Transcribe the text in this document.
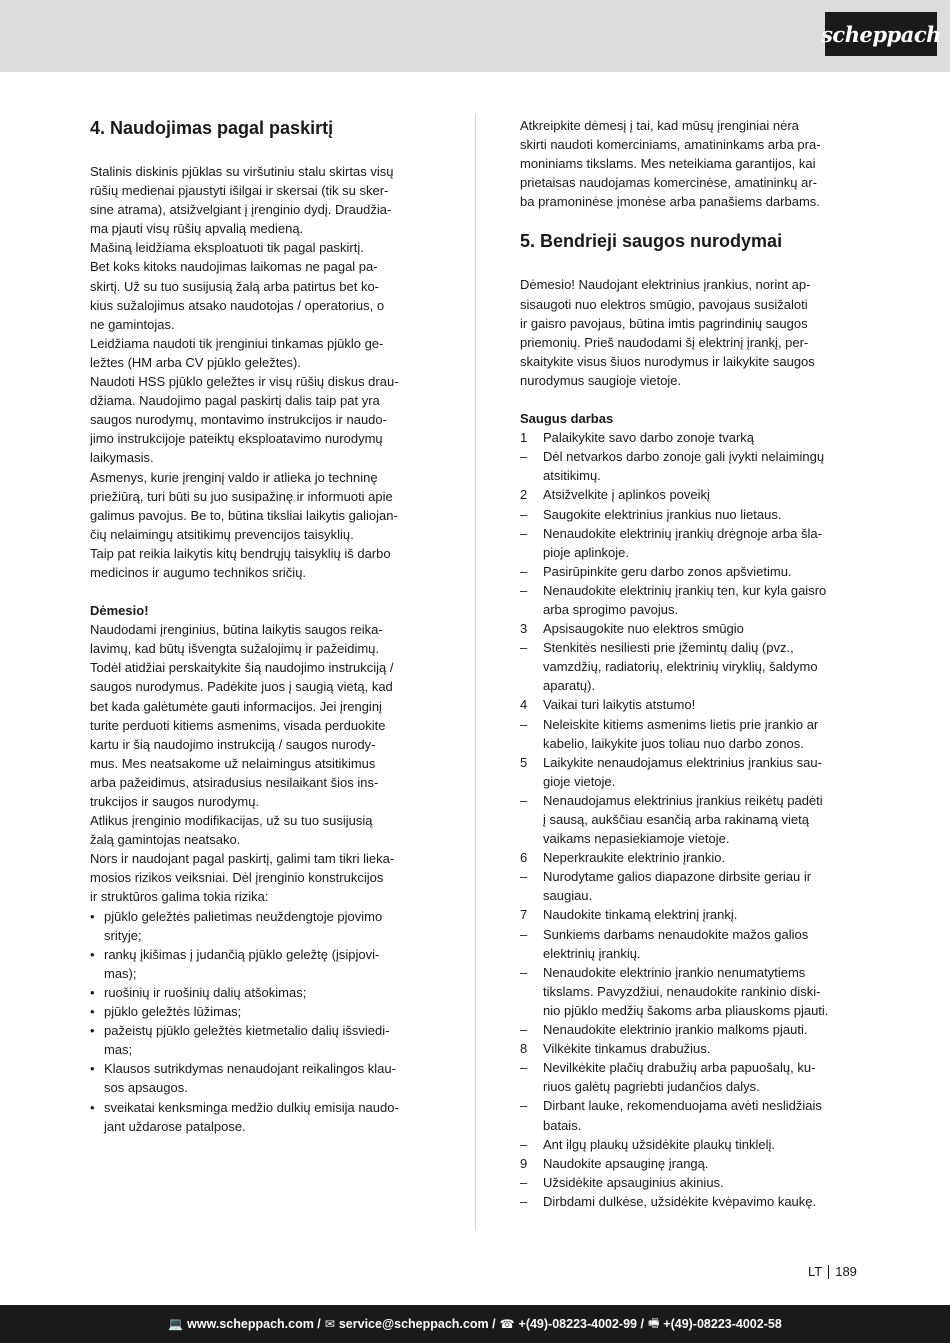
scheppach
4. Naudojimas pagal paskirtį
Stalinis diskinis pjūklas su viršutiniu stalu skirtas visų
rūšių medienai pjaustyti išilgai ir skersai (tik su sker-
sine atrama), atsižvelgiant į įrenginio dydį. Draudžia-
ma pjauti visų rūšių apvalią medieną.
Mašiną leidžiama eksploatuoti tik pagal paskirtį.
Bet koks kitoks naudojimas laikomas ne pagal pa-
skirtį. Už su tuo susijusią žalą arba patirtus bet ko-
kius sužalojimus atsako naudotojas / operatorius, o
ne gamintojas.
Leidžiama naudoti tik įrenginiui tinkamas pjūklo ge-
ležtes (HM arba CV pjūklo geležtes).
Naudoti HSS pjūklo geležtes ir visų rūšių diskus drau-
džiama. Naudojimo pagal paskirtį dalis taip pat yra
saugos nurodymų, montavimo instrukcijos ir naudo-
jimo instrukcijoje pateiktų eksploatavimo nurodymų
laikymasis.
Asmenys, kurie įrenginį valdo ir atlieka jo techninę
priežiūrą, turi būti su juo susipažinę ir informuoti apie
galimus pavojus. Be to, būtina tiksliai laikytis galiojan-
čių nelaimingų atsitikimų prevencijos taisyklių.
Taip pat reikia laikytis kitų bendrųjų taisyklių iš darbo
medicinos ir augumo technikos sričių.
Dėmesio!
Naudodami įrenginius, būtina laikytis saugos reika-
lavimų, kad būtų išvengta sužalojimų ir pažeidimų.
Todėl atidžiai perskaitykite šią naudojimo instrukciją /
saugos nurodymus. Padėkite juos į saugią vietą, kad
bet kada galėtumėte gauti informacijos. Jei įrenginį
turite perduoti kitiems asmenims, visada perduokite
kartu ir šią naudojimo instrukciją / saugos nurody-
mus. Mes neatsakome už nelaimingus atsitikimus
arba pažeidimus, atsiradusius nesilaikant šios ins-
trukcijos ir saugos nurodymų.
Atlikus įrenginio modifikacijas, už su tuo susijusią
žalą gamintojas neatsako.
Nors ir naudojant pagal paskirtį, galimi tam tikri lieka-
mosios rizikos veiksniai. Dėl įrenginio konstrukcijos
ir struktūros galima tokia rizika:
• pjūklo geležtės palietimas neuždengtoje pjovimo
srityje;
• rankų įkišimas į judančią pjūklo geležtę (įsipjovi-
mas);
• ruošinių ir ruošinių dalių atšokimas;
• pjūklo geležtės lūžimas;
• pažeistų pjūklo geležtės kietmetalio dalių išsviedi-
mas;
• Klausos sutrikdymas nenaudojant reikalingos klau-
sos apsaugos.
• sveikatai kenksminga medžio dulkių emisija naudo-
jant uždarose patalpose.
Atkreipkite dėmesį į tai, kad mūsų įrenginiai nėra
skirti naudoti komerciniams, amatininkams arba pra-
moniniams tikslams. Mes neteikiama garantijos, kai
prietaisas naudojamas komercinėse, amatininkų ar-
ba pramoninėse įmonėse arba panašiems darbams.
5. Bendrieji saugos nurodymai
Dėmesio! Naudojant elektrinius įrankius, norint ap-
sisaugoti nuo elektros smūgio, pavojaus susižaloti
ir gaisro pavojaus, būtina imtis pagrindinių saugos
priemonių. Prieš naudodami šį elektrinį įrankį, per-
skaitykite visus šiuos nurodymus ir laikykite saugos
nurodymus saugioje vietoje.
Saugus darbas
1	Palaikykite savo darbo zonoje tvarką
–	Dėl netvarkos darbo zonoje gali įvykti nelaimingų
atsitikimų.
2	Atsižvelkite į aplinkos poveikį
–	Saugokite elektrinius įrankius nuo lietaus.
–	Nenaudokite elektrinių įrankių drėgnoje arba šla-
pioje aplinkoje.
–	Pasirūpinkite geru darbo zonos apšvietimu.
–	Nenaudokite elektrinių įrankių ten, kur kyla gaisro
arba sprogimo pavojus.
3	Apsisaugokite nuo elektros smūgio
–	Stenkitės nesiliesti prie įžemintų dalių (pvz.,
vamzdžių, radiatorių, elektrinių viryklių, šaldymo
aparatų).
4	Vaikai turi laikytis atstumo!
–	Neleiskite kitiems asmenims lietis prie įrankio ar
kabelio, laikykite juos toliau nuo darbo zonos.
5	Laikykite nenaudojamus elektrinius įrankius sau-
gioje vietoje.
–	Nenaudojamus elektrinius įrankius reikėtų padėti
į sausą, aukščiau esančią arba rakinamą vietą
vaikams nepasiekiamoje vietoje.
6	Neperkraukite elektrinio įrankio.
–	Nurodytame galios diapazone dirbsite geriau ir
saugiau.
7	Naudokite tinkamą elektrinį įrankį.
–	Sunkiems darbams nenaudokite mažos galios
elektrinių įrankių.
–	Nenaudokite elektrinio įrankio nenumatytiems
tikslams. Pavyzdžiui, nenaudokite rankinio diski-
nio pjūklo medžių šakoms arba pliauskoms pjauti.
–	Nenaudokite elektrinio įrankio malkoms pjauti.
8	Vilkėkite tinkamus drabužius.
–	Nevilkėkite plačių drabužių arba papuošalų, ku-
riuos galėtų pagriebti judančios dalys.
–	Dirbant lauke, rekomenduojama avėti neslidžiais
batais.
–	Ant ilgų plaukų užsidėkite plaukų tinklelį.
9	Naudokite apsauginę įrangą.
–	Užsidėkite apsauginius akinius.
–	Dirbdami dulkėse, užsidėkite kvėpavimo kaukę.
LT 189
💻 www.scheppach.com / ✉ service@scheppach.com / ☎ +(49)-08223-4002-99 / 🖷 +(49)-08223-4002-58
